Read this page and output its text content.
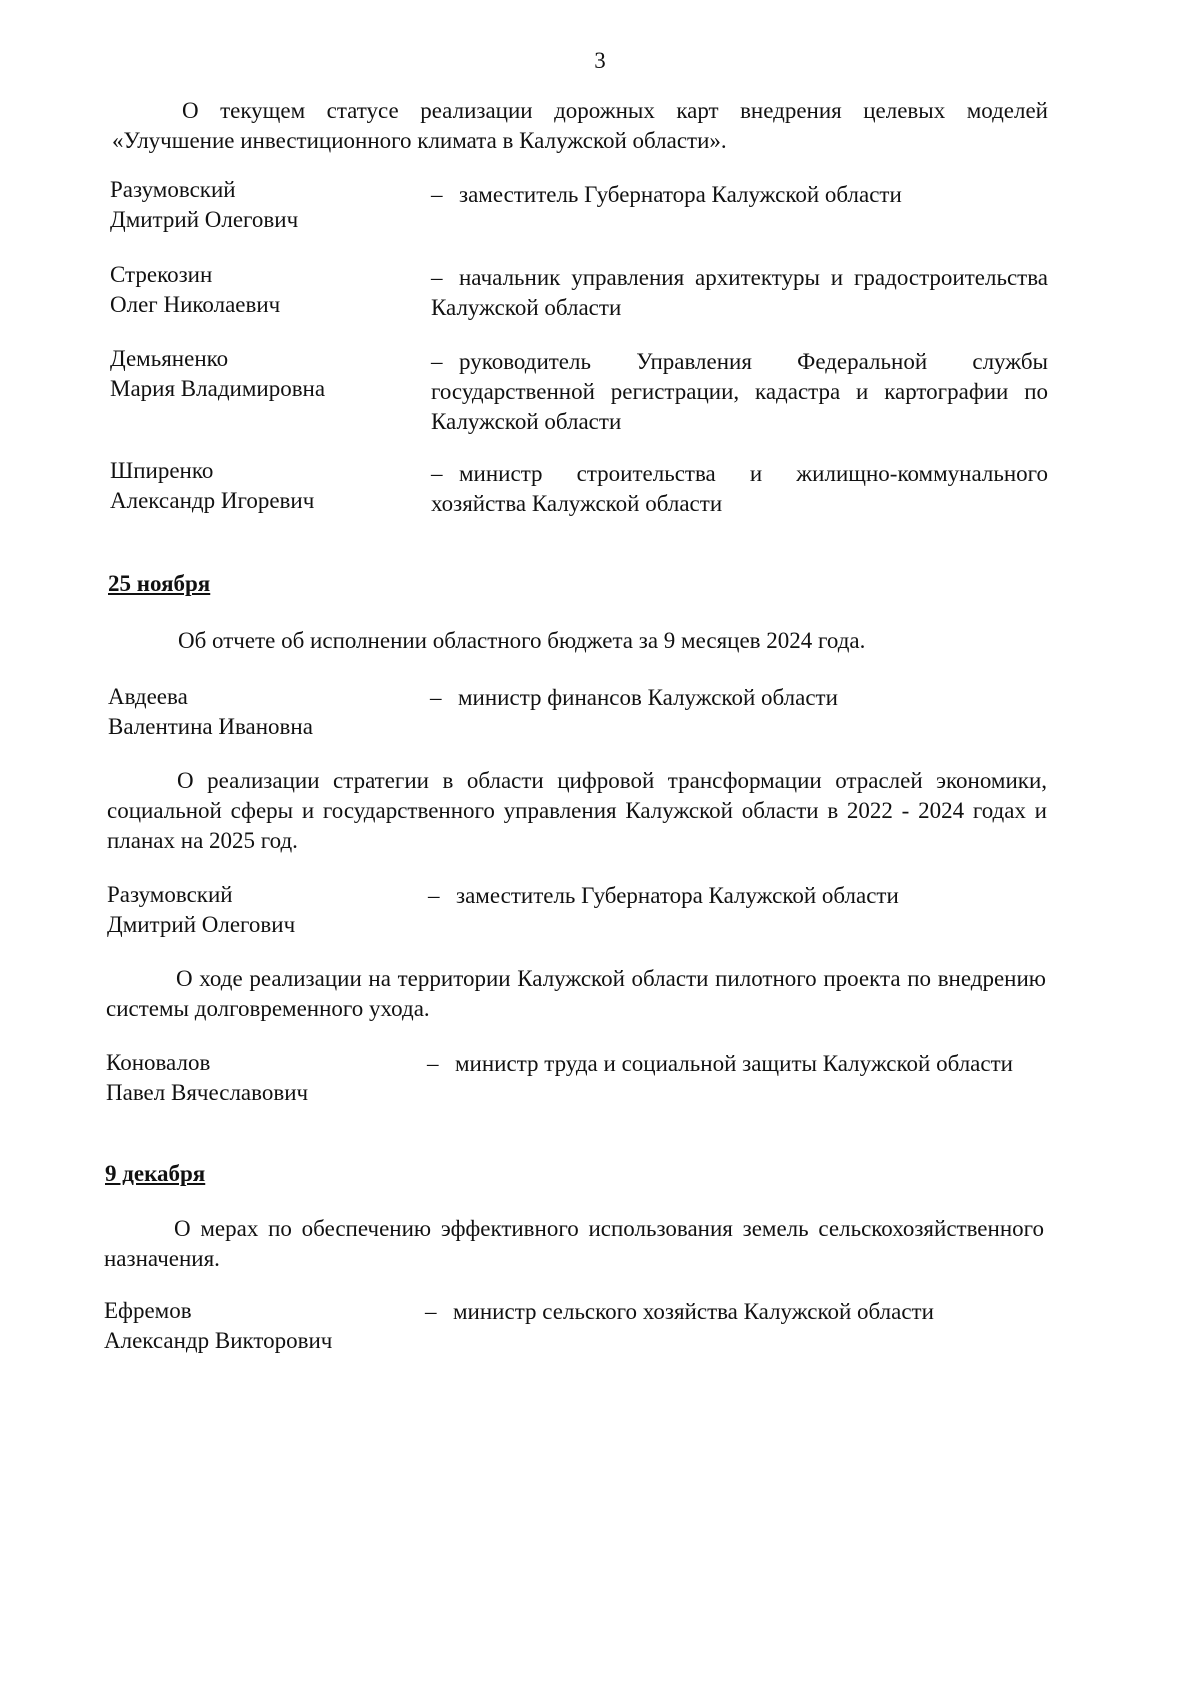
3
О текущем статусе реализации дорожных карт внедрения целевых моделей «Улучшение инвестиционного климата в Калужской области».
Разумовский
Дмитрий Олегович
– заместитель Губернатора Калужской области
Стрекозин
Олег Николаевич
– начальник управления архитектуры и градостроительства Калужской области
Демьяненко
Мария Владимировна
– руководитель Управления Федеральной службы государственной регистрации, кадастра и картографии по Калужской области
Шпиренко
Александр Игоревич
– министр строительства и жилищно-коммунального хозяйства Калужской области
25 ноября
Об отчете об исполнении областного бюджета за 9 месяцев 2024 года.
Авдеева
Валентина Ивановна
– министр финансов Калужской области
О реализации стратегии в области цифровой трансформации отраслей экономики, социальной сферы и государственного управления Калужской области в 2022 - 2024 годах и планах на 2025 год.
Разумовский
Дмитрий Олегович
– заместитель Губернатора Калужской области
О ходе реализации на территории Калужской области пилотного проекта по внедрению системы долговременного ухода.
Коновалов
Павел Вячеславович
– министр труда и социальной защиты Калужской области
9 декабря
О мерах по обеспечению эффективного использования земель сельскохозяйственного назначения.
Ефремов
Александр Викторович
– министр сельского хозяйства Калужской области
